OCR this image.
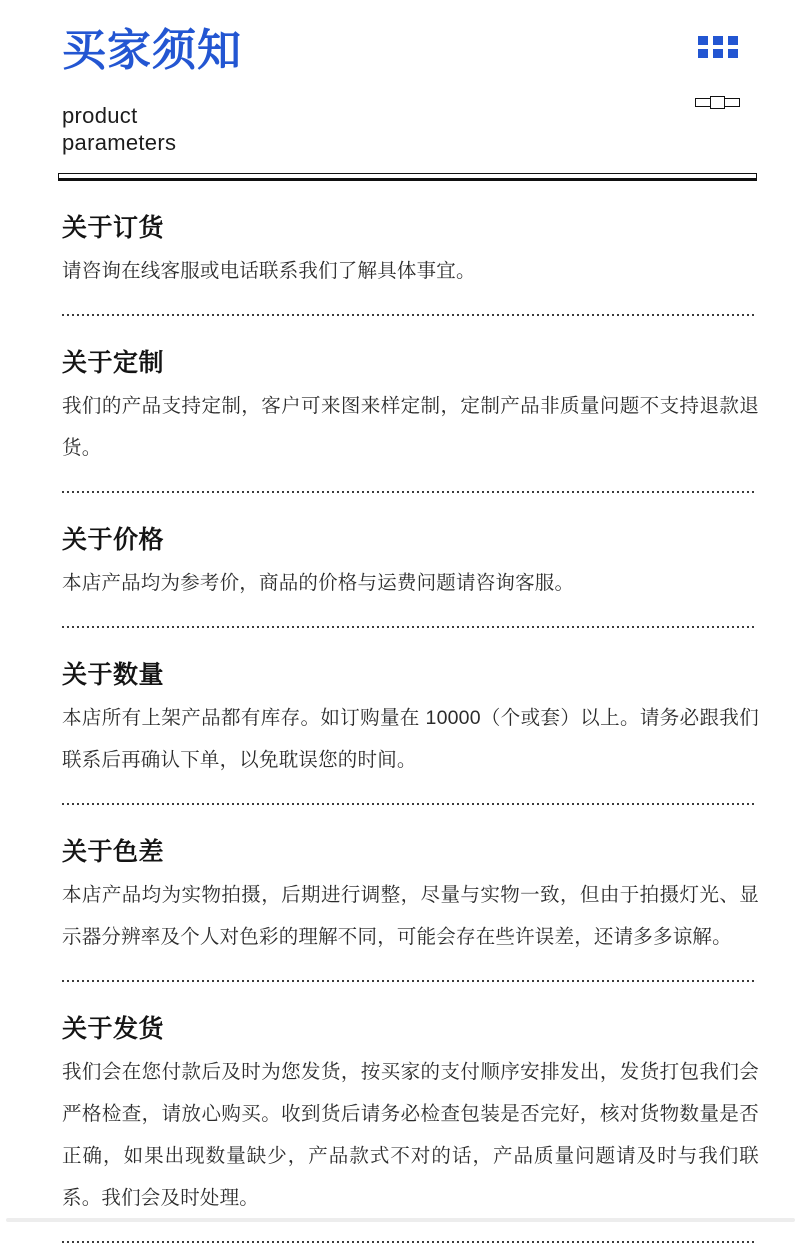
买家须知
product
parameters
关于订货

请咨询在线客服或电话联系我们了解具体事宜。

关于定制

我们的产品支持定制，客户可来图来样定制，定制产品非质量问题不支持退款退货。

关于价格

本店产品均为参考价，商品的价格与运费问题请咨询客服。

关于数量

本店所有上架产品都有库存。如订购量在 10000（个或套）以上。请务必跟我们联系后再确认下单，以免耽误您的时间。

关于色差

本店产品均为实物拍摄，后期进行调整，尽量与实物一致，但由于拍摄灯光、显示器分辨率及个人对色彩的理解不同，可能会存在些许误差，还请多多谅解。

关于发货

我们会在您付款后及时为您发货，按买家的支付顺序安排发出，发货打包我们会严格检查，请放心购买。收到货后请务必检查包装是否完好，核对货物数量是否正确，如果出现数量缺少，产品款式不对的话，产品质量问题请及时与我们联系。我们会及时处理。
